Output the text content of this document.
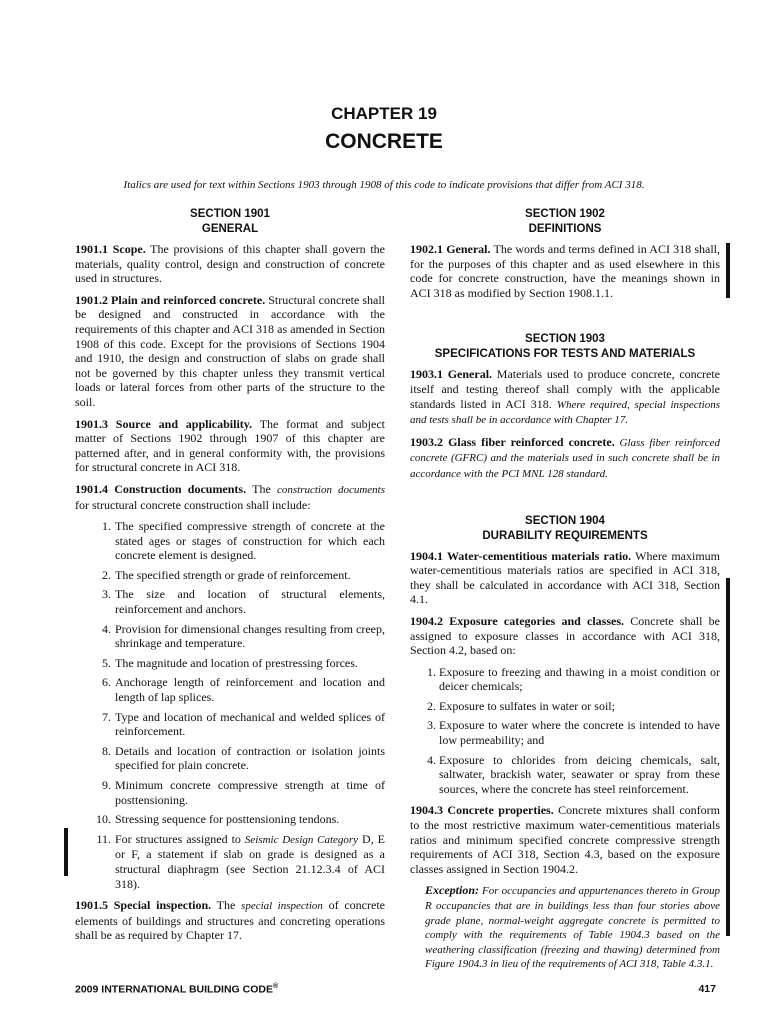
CHAPTER 19
CONCRETE
Italics are used for text within Sections 1903 through 1908 of this code to indicate provisions that differ from ACI 318.
SECTION 1901
GENERAL

1901.1 Scope. The provisions of this chapter shall govern the materials, quality control, design and construction of concrete used in structures.

1901.2 Plain and reinforced concrete. Structural concrete shall be designed and constructed in accordance with the requirements of this chapter and ACI 318 as amended in Section 1908 of this code. Except for the provisions of Sections 1904 and 1910, the design and construction of slabs on grade shall not be governed by this chapter unless they transmit vertical loads or lateral forces from other parts of the structure to the soil.

1901.3 Source and applicability. The format and subject matter of Sections 1902 through 1907 of this chapter are patterned after, and in general conformity with, the provisions for structural concrete in ACI 318.

1901.4 Construction documents. The construction documents for structural concrete construction shall include:

1. The specified compressive strength of concrete at the stated ages or stages of construction for which each concrete element is designed.
2. The specified strength or grade of reinforcement.
3. The size and location of structural elements, reinforcement and anchors.
4. Provision for dimensional changes resulting from creep, shrinkage and temperature.
5. The magnitude and location of prestressing forces.
6. Anchorage length of reinforcement and location and length of lap splices.
7. Type and location of mechanical and welded splices of reinforcement.
8. Details and location of contraction or isolation joints specified for plain concrete.
9. Minimum concrete compressive strength at time of posttensioning.
10. Stressing sequence for posttensioning tendons.
11. For structures assigned to Seismic Design Category D, E or F, a statement if slab on grade is designed as a structural diaphragm (see Section 21.12.3.4 of ACI 318).

1901.5 Special inspection. The special inspection of concrete elements of buildings and structures and concreting operations shall be as required by Chapter 17.

SECTION 1902
DEFINITIONS

1902.1 General. The words and terms defined in ACI 318 shall, for the purposes of this chapter and as used elsewhere in this code for concrete construction, have the meanings shown in ACI 318 as modified by Section 1908.1.1.

SECTION 1903
SPECIFICATIONS FOR TESTS AND MATERIALS

1903.1 General. Materials used to produce concrete, concrete itself and testing thereof shall comply with the applicable standards listed in ACI 318. Where required, special inspections and tests shall be in accordance with Chapter 17.

1903.2 Glass fiber reinforced concrete. Glass fiber reinforced concrete (GFRC) and the materials used in such concrete shall be in accordance with the PCI MNL 128 standard.

SECTION 1904
DURABILITY REQUIREMENTS

1904.1 Water-cementitious materials ratio. Where maximum water-cementitious materials ratios are specified in ACI 318, they shall be calculated in accordance with ACI 318, Section 4.1.

1904.2 Exposure categories and classes. Concrete shall be assigned to exposure classes in accordance with ACI 318, Section 4.2, based on:

1. Exposure to freezing and thawing in a moist condition or deicer chemicals;
2. Exposure to sulfates in water or soil;
3. Exposure to water where the concrete is intended to have low permeability; and
4. Exposure to chlorides from deicing chemicals, salt, saltwater, brackish water, seawater or spray from these sources, where the concrete has steel reinforcement.

1904.3 Concrete properties. Concrete mixtures shall conform to the most restrictive maximum water-cementitious materials ratios and minimum specified concrete compressive strength requirements of ACI 318, Section 4.3, based on the exposure classes assigned in Section 1904.2.

Exception: For occupancies and appurtenances thereto in Group R occupancies that are in buildings less than four stories above grade plane, normal-weight aggregate concrete is permitted to comply with the requirements of Table 1904.3 based on the weathering classification (freezing and thawing) determined from Figure 1904.3 in lieu of the requirements of ACI 318, Table 4.3.1.

2009 INTERNATIONAL BUILDING CODE®	417
